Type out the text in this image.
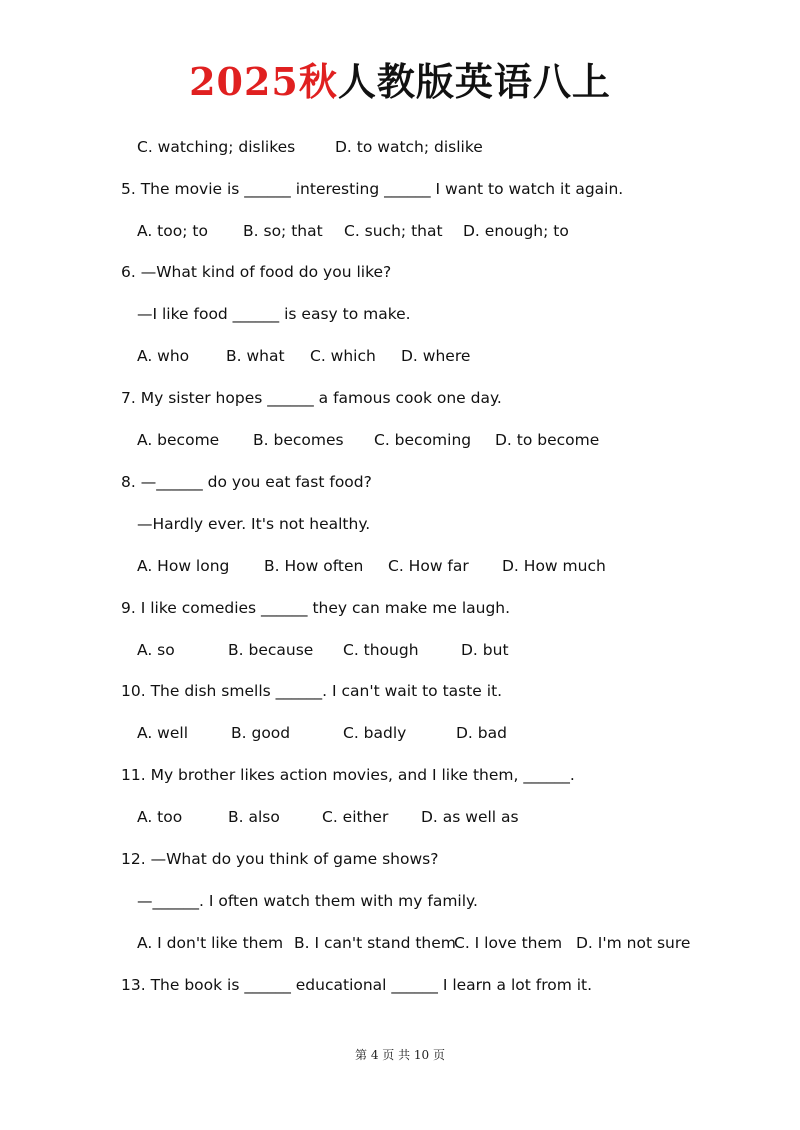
2025秋人教版英语八上
C. watching; dislikes	D. to watch; dislike
5. The movie is ______ interesting ______ I want to watch it again.
A. too; to B. so; that C. such; that D. enough; to
6. —What kind of food do you like?
—I like food ______ is easy to make.
A. who B. what C. which D. where
7. My sister hopes ______ a famous cook one day.
A. become B. becomes C. becoming D. to become
8. —______ do you eat fast food?
—Hardly ever. It's not healthy.
A. How long B. How often C. How far D. How much
9. I like comedies ______ they can make me laugh.
A. so	B. because C. though	D. but
10. The dish smells ______. I can't wait to taste it.
A. well	B. good	C. badly	D. bad
11. My brother likes action movies, and I like them, ______.
A. too	B. also	C. either D. as well as
12. —What do you think of game shows?
—______. I often watch them with my family.
A. I don't like them B. I can't stand them
C. I love them D. I'm not sure
13. The book is ______ educational ______ I learn a lot from it.
第 4 页 共 10 页
